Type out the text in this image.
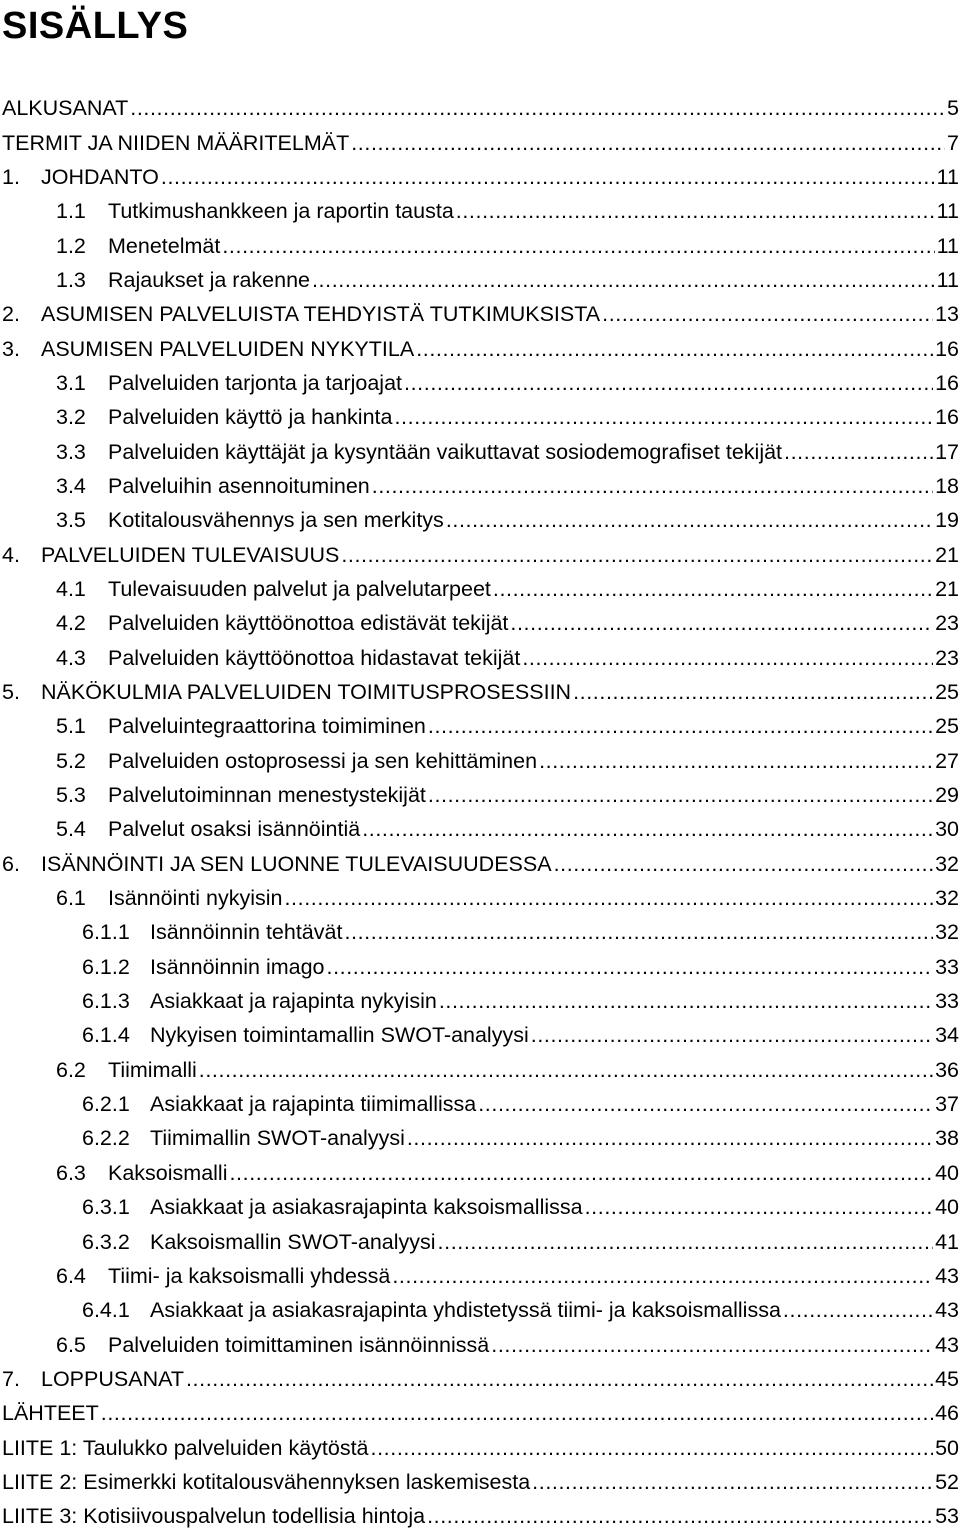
SISÄLLYS
ALKUSANAT .....	5
TERMIT JA NIIDEN MÄÄRITELMÄT .....	7
1. JOHDANTO .....	11
1.1	Tutkimushankkeen ja raportin tausta .....	11
1.2	Menetelmät .....	11
1.3	Rajaukset ja rakenne .....	11
2. ASUMISEN PALVELUISTA TEHDYISTÄ TUTKIMUKSISTA .....	13
3. ASUMISEN PALVELUIDEN NYKYTILA .....	16
3.1	Palveluiden tarjonta ja tarjoajat .....	16
3.2	Palveluiden käyttö ja hankinta .....	16
3.3	Palveluiden käyttäjät ja kysyntään vaikuttavat sosiodemografiset tekijät .....	17
3.4	Palveluihin asennoituminen .....	18
3.5	Kotitalousvähennys ja sen merkitys .....	19
4. PALVELUIDEN TULEVAISUUS .....	21
4.1	Tulevaisuuden palvelut ja palvelutarpeet .....	21
4.2	Palveluiden käyttöönottoa edistävät tekijät .....	23
4.3	Palveluiden käyttöönottoa hidastavat tekijät .....	23
5. NÄKÖKULMIA PALVELUIDEN TOIMITUSPROSESSIIN .....	25
5.1	Palveluintegraattorina toimiminen .....	25
5.2	Palveluiden ostoprosessi ja sen kehittäminen .....	27
5.3	Palvelutoiminnan menestystekijät .....	29
5.4	Palvelut osaksi isännöintiä .....	30
6. ISÄNNÖINTI JA SEN LUONNE TULEVAISUUDESSA .....	32
6.1	Isännöinti nykyisin .....	32
6.1.1 Isännöinnin tehtävät .....	32
6.1.2 Isännöinnin imago .....	33
6.1.3 Asiakkaat ja rajapinta nykyisin .....	33
6.1.4 Nykyisen toimintamallin SWOT-analyysi .....	34
6.2	Tiimimalli .....	36
6.2.1 Asiakkaat ja rajapinta tiimimallissa .....	37
6.2.2 Tiimimallin SWOT-analyysi .....	38
6.3	Kaksoismalli .....	40
6.3.1 Asiakkaat ja asiakasrajapinta kaksoismallissa .....	40
6.3.2 Kaksoismallin SWOT-analyysi .....	41
6.4	Tiimi- ja kaksoismalli yhdessä .....	43
6.4.1 Asiakkaat ja asiakasrajapinta yhdistetyssä tiimi- ja kaksoismallissa .....	43
6.5	Palveluiden toimittaminen isännöinnissä .....	43
7. LOPPUSANAT .....	45
LÄHTEET .....	46
LIITE 1: Taulukko palveluiden käytöstä .....	50
LIITE 2: Esimerkki kotitalousvähennyksen laskemisesta .....	52
LIITE 3: Kotisiivouspalvelun todellisia hintoja .....	53
